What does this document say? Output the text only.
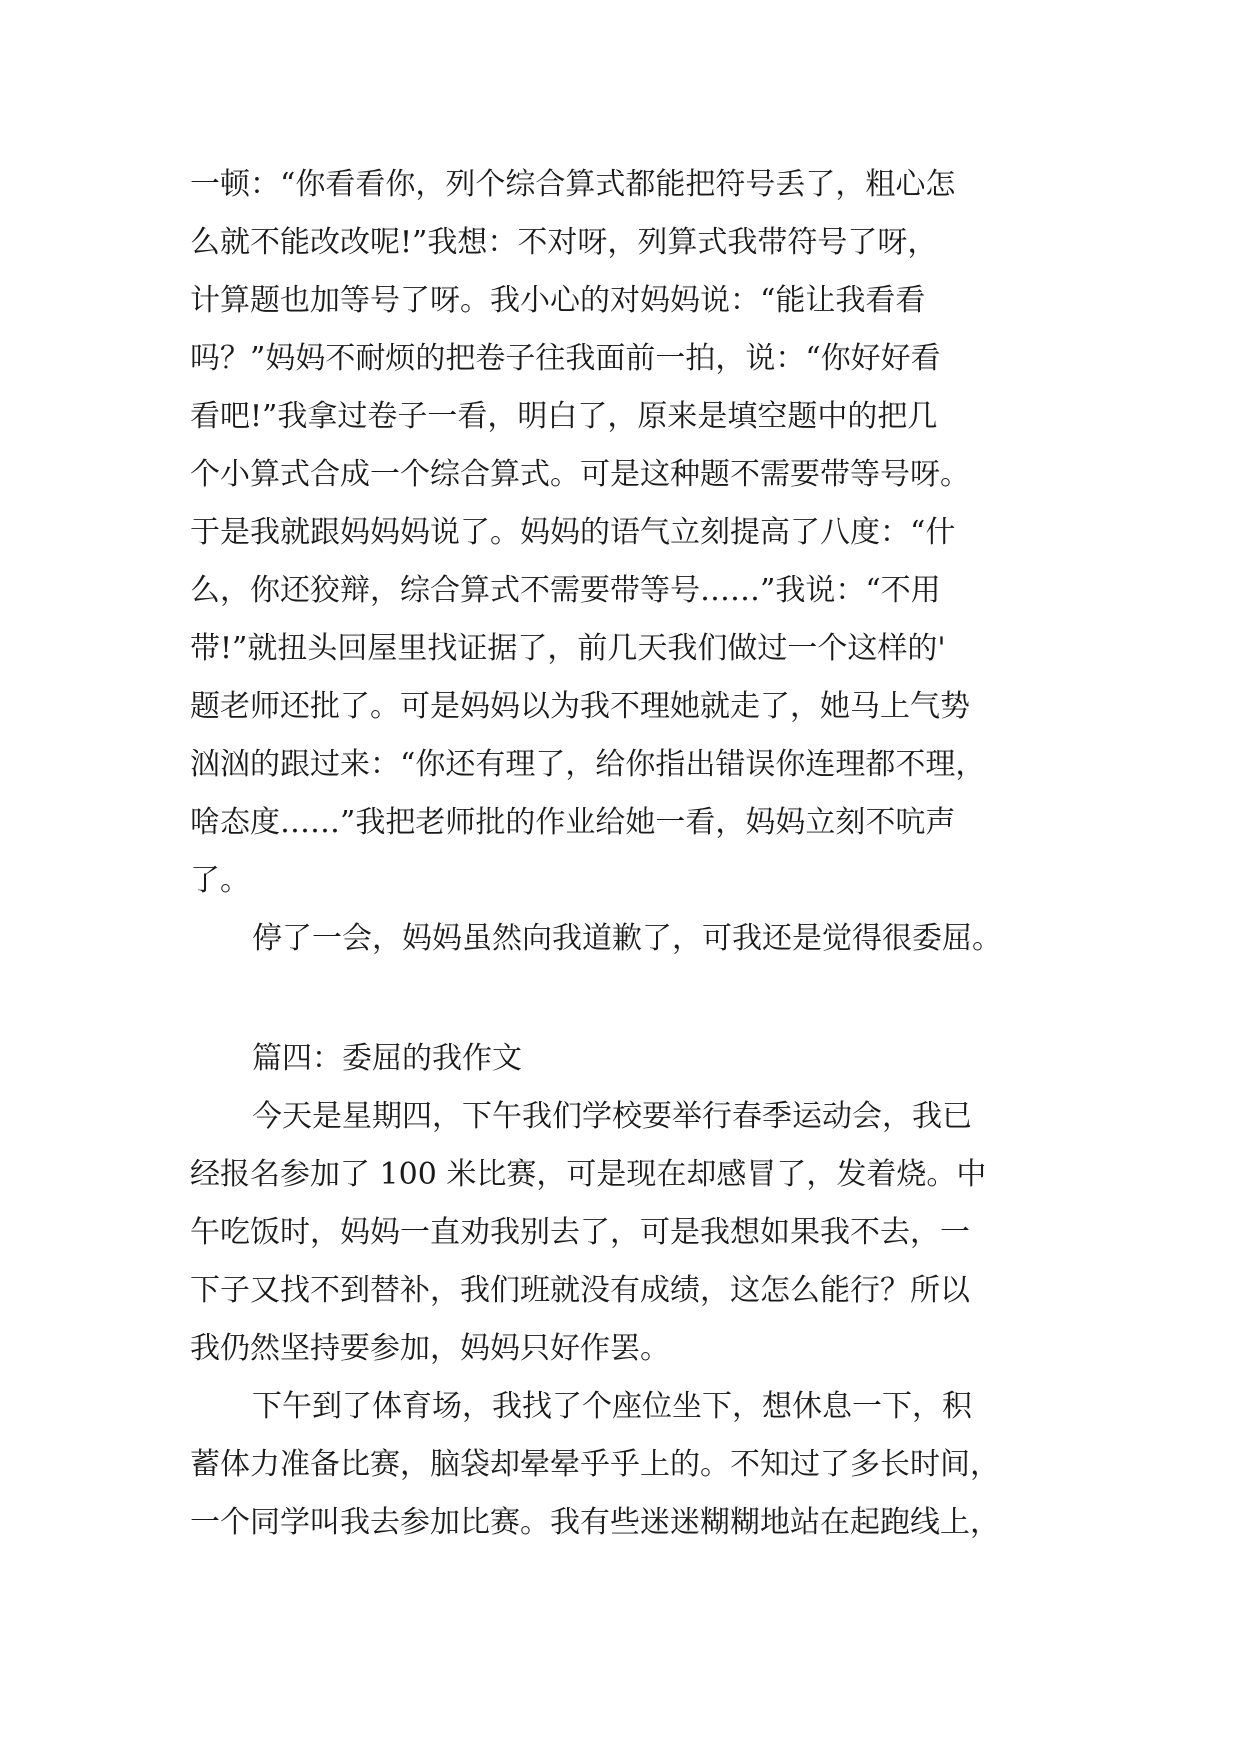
一顿：“你看看你，列个综合算式都能把符号丢了，粗心怎
么就不能改改呢!”我想：不对呀，列算式我带符号了呀，
计算题也加等号了呀。我小心的对妈妈说：“能让我看看
吗？”妈妈不耐烦的把卷子往我面前一拍，说：“你好好看
看吧!”我拿过卷子一看，明白了，原来是填空题中的把几
个小算式合成一个综合算式。可是这种题不需要带等号呀。
于是我就跟妈妈妈说了。妈妈的语气立刻提高了八度：“什
么，你还狡辩，综合算式不需要带等号……”我说：“不用
带!”就扭头回屋里找证据了，前几天我们做过一个这样的'
题老师还批了。可是妈妈以为我不理她就走了，她马上气势
汹汹的跟过来：“你还有理了，给你指出错误你连理都不理，
啥态度……”我把老师批的作业给她一看，妈妈立刻不吭声
了。
停了一会，妈妈虽然向我道歉了，可我还是觉得很委屈。
篇四：委屈的我作文
今天是星期四，下午我们学校要举行春季运动会，我已
经报名参加了 100 米比赛，可是现在却感冒了，发着烧。中
午吃饭时，妈妈一直劝我别去了，可是我想如果我不去，一
下子又找不到替补，我们班就没有成绩，这怎么能行？所以
我仍然坚持要参加，妈妈只好作罢。
下午到了体育场，我找了个座位坐下，想休息一下，积
蓄体力准备比赛，脑袋却晕晕乎乎上的。不知过了多长时间，
一个同学叫我去参加比赛。我有些迷迷糊糊地站在起跑线上，
